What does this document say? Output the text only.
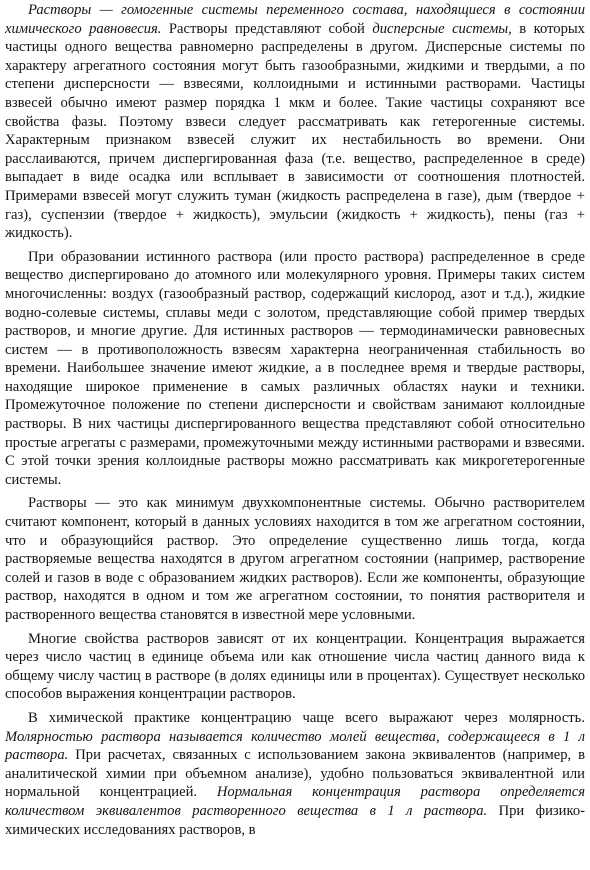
Растворы — гомогенные системы переменного состава, находящиеся в состоянии химического равновесия. Растворы представляют собой дисперсные системы, в которых частицы одного вещества равномерно распределены в другом. Дисперсные системы по характеру агрегатного состояния могут быть газообразными, жидкими и твердыми, а по степени дисперсности — взвесями, коллоидными и истинными растворами. Частицы взвесей обычно имеют размер порядка 1 мкм и более. Такие частицы сохраняют все свойства фазы. Поэтому взвеси следует рассматривать как гетерогенные системы. Характерным признаком взвесей служит их нестабильность во времени. Они расслаиваются, причем диспергированная фаза (т.е. вещество, распределенное в среде) выпадает в виде осадка или всплывает в зависимости от соотношения плотностей. Примерами взвесей могут служить туман (жидкость распределена в газе), дым (твердое + газ), суспензии (твердое + жидкость), эмульсии (жидкость + жидкость), пены (газ + жидкость).

При образовании истинного раствора (или просто раствора) распределенное в среде вещество диспергировано до атомного или молекулярного уровня. Примеры таких систем многочисленны: воздух (газообразный раствор, содержащий кислород, азот и т.д.), жидкие водно-солевые системы, сплавы меди с золотом, представляющие собой пример твердых растворов, и многие другие. Для истинных растворов — термодинамически равновесных систем — в противоположность взвесям характерна неограниченная стабильность во времени. Наибольшее значение имеют жидкие, а в последнее время и твердые растворы, находящие широкое применение в самых различных областях науки и техники. Промежуточное положение по степени дисперсности и свойствам занимают коллоидные растворы. В них частицы диспергированного вещества представляют собой относительно простые агрегаты с размерами, промежуточными между истинными растворами и взвесями. С этой точки зрения коллоидные растворы можно рассматривать как микрогетерогенные системы.

Растворы — это как минимум двухкомпонентные системы. Обычно растворителем считают компонент, который в данных условиях находится в том же агрегатном состоянии, что и образующийся раствор. Это определение существенно лишь тогда, когда растворяемые вещества находятся в другом агрегатном состоянии (например, растворение солей и газов в воде с образованием жидких растворов). Если же компоненты, образующие раствор, находятся в одном и том же агрегатном состоянии, то понятия растворителя и растворенного вещества становятся в известной мере условными.

Многие свойства растворов зависят от их концентрации. Концентрация выражается через число частиц в единице объема или как отношение числа частиц данного вида к общему числу частиц в растворе (в долях единицы или в процентах). Существует несколько способов выражения концентрации растворов.

В химической практике концентрацию чаще всего выражают через молярность. Молярностью раствора называется количество молей вещества, содержащееся в 1 л раствора. При расчетах, связанных с использованием закона эквивалентов (например, в аналитической химии при объемном анализе), удобно пользоваться эквивалентной или нормальной концентрацией. Нормальная концентрация раствора определяется количеством эквивалентов растворенного вещества в 1 л раствора. При физико-химических исследованиях растворов, в
